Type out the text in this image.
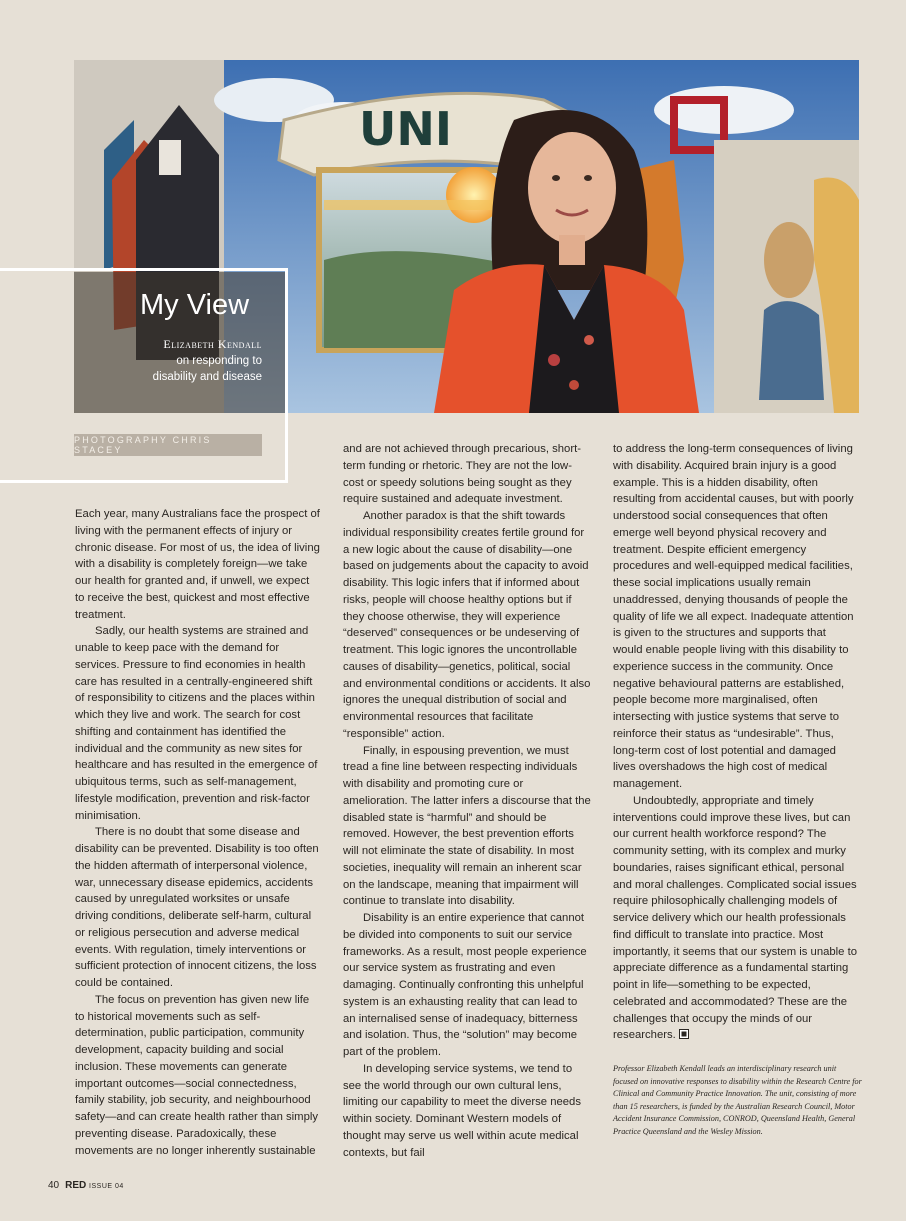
UNI
My View
Elizabeth Kendall
on responding to
disability and disease
PHOTOGRAPHY CHRIS STACEY

Each year, many Australians face the prospect of living with the permanent effects of injury or chronic disease. For most of us, the idea of living with a disability is completely foreign—we take our health for granted and, if unwell, we expect to receive the best, quickest and most effective treatment.

Sadly, our health systems are strained and unable to keep pace with the demand for services. Pressure to find economies in health care has resulted in a centrally-engineered shift of responsibility to citizens and the places within which they live and work. The search for cost shifting and containment has identified the individual and the community as new sites for healthcare and has resulted in the emergence of ubiquitous terms, such as self-management, lifestyle modification, prevention and risk-factor minimisation.

There is no doubt that some disease and disability can be prevented. Disability is too often the hidden aftermath of interpersonal violence, war, unnecessary disease epidemics, accidents caused by unregulated worksites or unsafe driving conditions, deliberate self-harm, cultural or religious persecution and adverse medical events. With regulation, timely interventions or sufficient protection of innocent citizens, the loss could be contained.

The focus on prevention has given new life to historical movements such as self-determination, public participation, community development, capacity building and social inclusion. These movements can generate important outcomes—social connectedness, family stability, job security, and neighbourhood safety—and can create health rather than simply preventing disease. Paradoxically, these movements are no longer inherently sustainable

and are not achieved through precarious, short-term funding or rhetoric. They are not the low-cost or speedy solutions being sought as they require sustained and adequate investment.

Another paradox is that the shift towards individual responsibility creates fertile ground for a new logic about the cause of disability—one based on judgements about the capacity to avoid disability. This logic infers that if informed about risks, people will choose healthy options but if they choose otherwise, they will experience “deserved” consequences or be undeserving of treatment. This logic ignores the uncontrollable causes of disability—genetics, political, social and environmental conditions or accidents. It also ignores the unequal distribution of social and environmental resources that facilitate “responsible” action.

Finally, in espousing prevention, we must tread a fine line between respecting individuals with disability and promoting cure or amelioration. The latter infers a discourse that the disabled state is “harmful” and should be removed. However, the best prevention efforts will not eliminate the state of disability. In most societies, inequality will remain an inherent scar on the landscape, meaning that impairment will continue to translate into disability.

Disability is an entire experience that cannot be divided into components to suit our service frameworks. As a result, most people experience our service system as frustrating and even damaging. Continually confronting this unhelpful system is an exhausting reality that can lead to an internalised sense of inadequacy, bitterness and isolation. Thus, the “solution” may become part of the problem.

In developing service systems, we tend to see the world through our own cultural lens, limiting our capability to meet the diverse needs within society. Dominant Western models of thought may serve us well within acute medical contexts, but fail

to address the long-term consequences of living with disability. Acquired brain injury is a good example. This is a hidden disability, often resulting from accidental causes, but with poorly understood social consequences that often emerge well beyond physical recovery and treatment. Despite efficient emergency procedures and well-equipped medical facilities, these social implications usually remain unaddressed, denying thousands of people the quality of life we all expect. Inadequate attention is given to the structures and supports that would enable people living with this disability to experience success in the community. Once negative behavioural patterns are established, people become more marginalised, often intersecting with justice systems that serve to reinforce their status as “undesirable”. Thus, long-term cost of lost potential and damaged lives overshadows the high cost of medical management.

Undoubtedly, appropriate and timely interventions could improve these lives, but can our current health workforce respond? The community setting, with its complex and murky boundaries, raises significant ethical, personal and moral challenges. Complicated social issues require philosophically challenging models of service delivery which our health professionals find difficult to translate into practice. Most importantly, it seems that our system is unable to appreciate difference as a fundamental starting point in life—something to be expected, celebrated and accommodated? These are the challenges that occupy the minds of our researchers.

Professor Elizabeth Kendall leads an interdisciplinary research unit focused on innovative responses to disability within the Research Centre for Clinical and Community Practice Innovation. The unit, consisting of more than 15 researchers, is funded by the Australian Research Council, Motor Accident Insurance Commission, CONROD, Queensland Health, General Practice Queensland and the Wesley Mission.
40 RED ISSUE 04
